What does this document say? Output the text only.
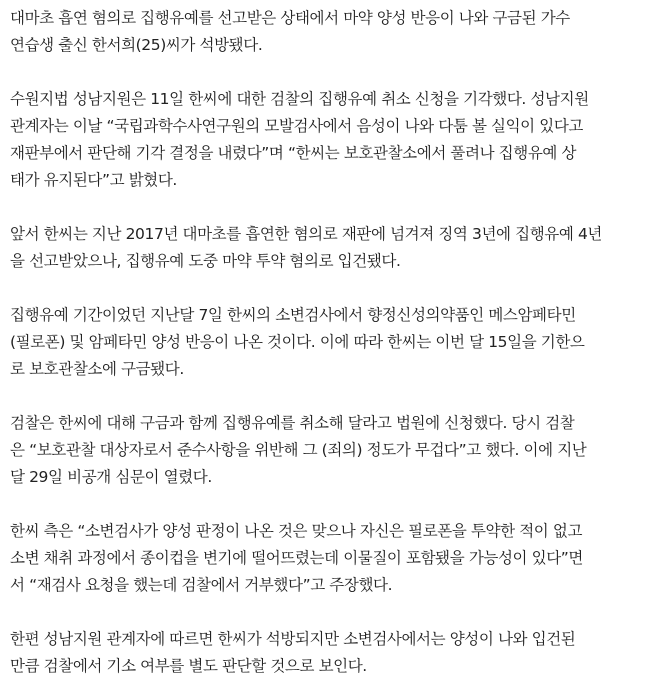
대마초 흡연 혐의로 집행유예를 선고받은 상태에서 마약 양성 반응이 나와 구금된 가수
연습생 출신 한서희(25)씨가 석방됐다.

수원지법 성남지원은 11일 한씨에 대한 검찰의 집행유예 취소 신청을 기각했다. 성남지원
관계자는 이날 “국립과학수사연구원의 모발검사에서 음성이 나와 다툼 볼 실익이 있다고
재판부에서 판단해 기각 결정을 내렸다”며 “한씨는 보호관찰소에서 풀려나 집행유예 상
태가 유지된다”고 밝혔다.

앞서 한씨는 지난 2017년 대마초를 흡연한 혐의로 재판에 넘겨져 징역 3년에 집행유예 4년
을 선고받았으나, 집행유예 도중 마약 투약 혐의로 입건됐다.

집행유예 기간이었던 지난달 7일 한씨의 소변검사에서 향정신성의약품인 메스암페타민
(필로폰) 및 암페타민 양성 반응이 나온 것이다. 이에 따라 한씨는 이번 달 15일을 기한으
로 보호관찰소에 구금됐다.

검찰은 한씨에 대해 구금과 함께 집행유예를 취소해 달라고 법원에 신청했다. 당시 검찰
은 “보호관찰 대상자로서 준수사항을 위반해 그 (죄의) 정도가 무겁다”고 했다. 이에 지난
달 29일 비공개 심문이 열렸다.

한씨 측은 “소변검사가 양성 판정이 나온 것은 맞으나 자신은 필로폰을 투약한 적이 없고
소변 채취 과정에서 종이컵을 변기에 떨어뜨렸는데 이물질이 포함됐을 가능성이 있다”면
서 “재검사 요청을 했는데 검찰에서 거부했다”고 주장했다.

한편 성남지원 관계자에 따르면 한씨가 석방되지만 소변검사에서는 양성이 나와 입건된
만큼 검찰에서 기소 여부를 별도 판단할 것으로 보인다.
